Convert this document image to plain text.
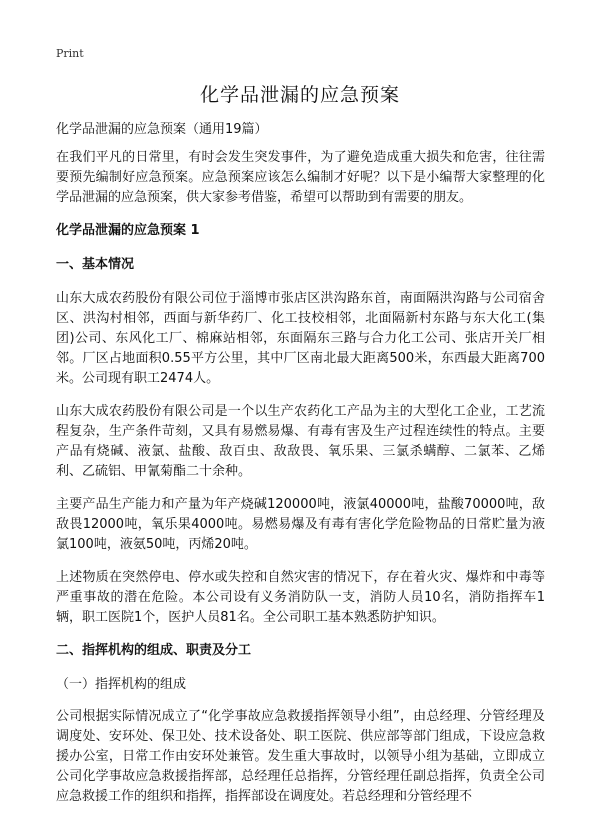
Print
化学品泄漏的应急预案

化学品泄漏的应急预案（通用19篇）

在我们平凡的日常里，有时会发生突发事件，为了避免造成重大损失和危害，往往需要预先编制好应急预案。应急预案应该怎么编制才好呢？以下是小编帮大家整理的化学品泄漏的应急预案，供大家参考借鉴，希望可以帮助到有需要的朋友。

化学品泄漏的应急预案 1

一、基本情况

山东大成农药股份有限公司位于淄博市张店区洪沟路东首，南面隔洪沟路与公司宿舍区、洪沟村相邻，西面与新华药厂、化工技校相邻，北面隔新村东路与东大化工(集团)公司、东风化工厂、棉麻站相邻，东面隔东三路与合力化工公司、张店开关厂相邻。厂区占地面积0.55平方公里，其中厂区南北最大距离500米，东西最大距离700米。公司现有职工2474人。

山东大成农药股份有限公司是一个以生产农药化工产品为主的大型化工企业，工艺流程复杂，生产条件苛刻，又具有易燃易爆、有毒有害及生产过程连续性的特点。主要产品有烧碱、液氯、盐酸、敌百虫、敌敌畏、氧乐果、三氯杀螨醇、二氯苯、乙烯利、乙硫铝、甲氰菊酯二十余种。

主要产品生产能力和产量为年产烧碱120000吨，液氯40000吨，盐酸70000吨，敌敌畏12000吨，氧乐果4000吨。易燃易爆及有毒有害化学危险物品的日常贮量为液氯100吨，液氨50吨，丙烯20吨。

上述物质在突然停电、停水或失控和自然灾害的情况下，存在着火灾、爆炸和中毒等严重事故的潜在危险。本公司设有义务消防队一支，消防人员10名，消防指挥车1辆，职工医院1个，医护人员81名。全公司职工基本熟悉防护知识。

二、指挥机构的组成、职责及分工

（一）指挥机构的组成

公司根据实际情况成立了“化学事故应急救援指挥领导小组”，由总经理、分管经理及调度处、安环处、保卫处、技术设备处、职工医院、供应部等部门组成，下设应急救援办公室，日常工作由安环处兼管。发生重大事故时，以领导小组为基础，立即成立公司化学事故应急救援指挥部，总经理任总指挥，分管经理任副总指挥，负责全公司应急救援工作的组织和指挥，指挥部设在调度处。若总经理和分管经理不
